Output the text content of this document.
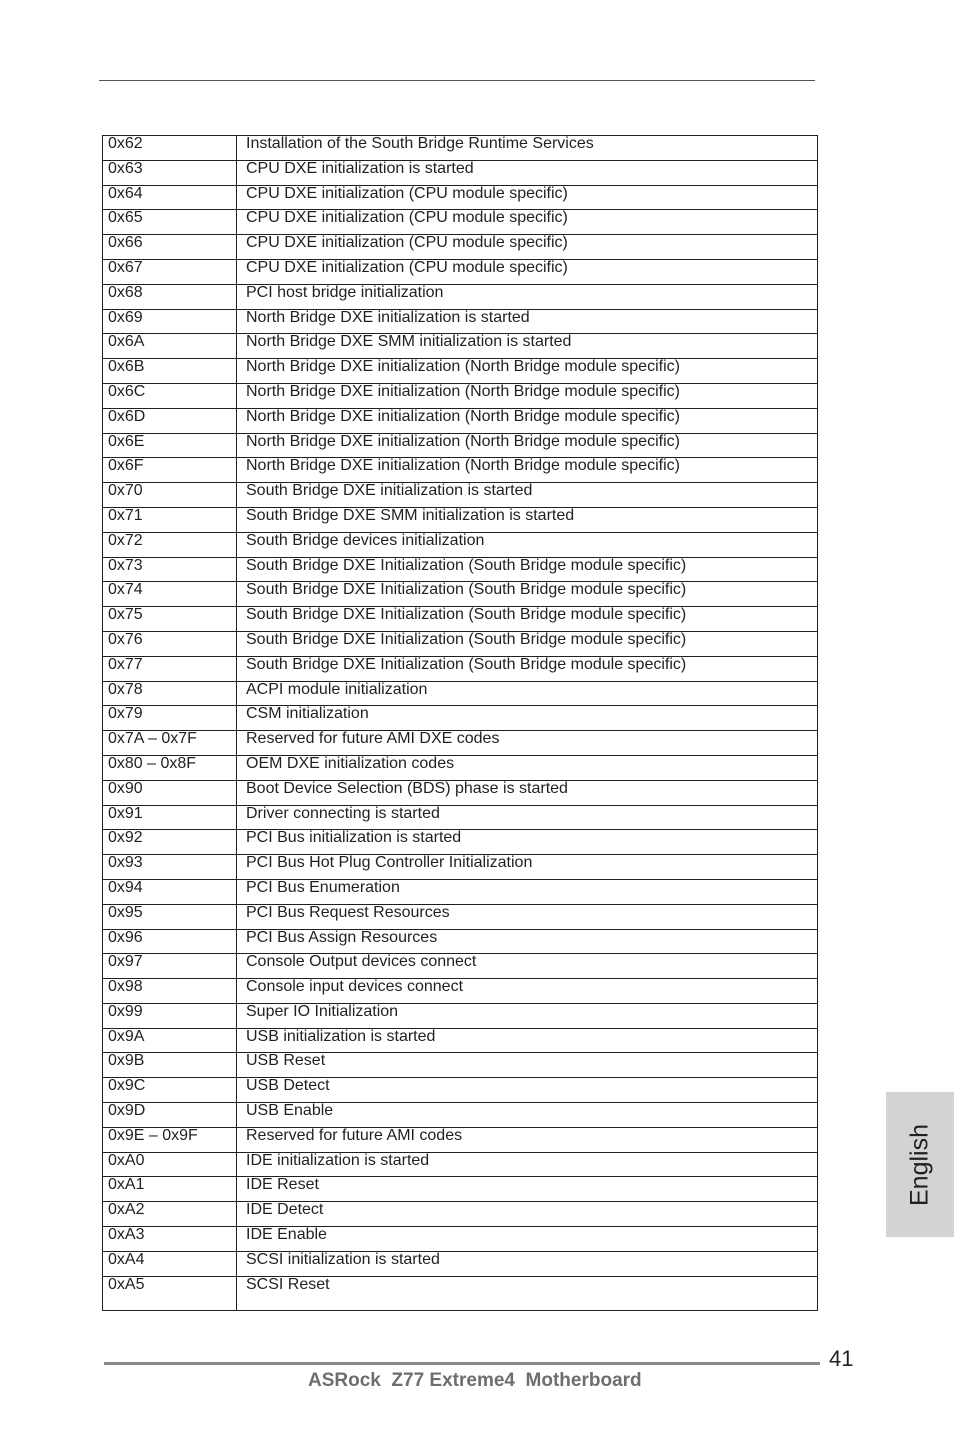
0x62	Installation of the South Bridge Runtime Services
0x63	CPU DXE initialization is started
0x64	CPU DXE initialization (CPU module specific)
0x65	CPU DXE initialization (CPU module specific)
0x66	CPU DXE initialization (CPU module specific)
0x67	CPU DXE initialization (CPU module specific)
0x68	PCI host bridge initialization
0x69	North Bridge DXE initialization is started
0x6A	North Bridge DXE SMM initialization is started
0x6B	North Bridge DXE initialization (North Bridge module specific)
0x6C	North Bridge DXE initialization (North Bridge module specific)
0x6D	North Bridge DXE initialization (North Bridge module specific)
0x6E	North Bridge DXE initialization (North Bridge module specific)
0x6F	North Bridge DXE initialization (North Bridge module specific)
0x70	South Bridge DXE initialization is started
0x71	South Bridge DXE SMM initialization is started
0x72	South Bridge devices initialization
0x73	South Bridge DXE Initialization (South Bridge module specific)
0x74	South Bridge DXE Initialization (South Bridge module specific)
0x75	South Bridge DXE Initialization (South Bridge module specific)
0x76	South Bridge DXE Initialization (South Bridge module specific)
0x77	South Bridge DXE Initialization (South Bridge module specific)
0x78	ACPI module initialization
0x79	CSM initialization
0x7A – 0x7F	Reserved for future AMI DXE codes
0x80 – 0x8F	OEM DXE initialization codes
0x90	Boot Device Selection (BDS) phase is started
0x91	Driver connecting is started
0x92	PCI Bus initialization is started
0x93	PCI Bus Hot Plug Controller Initialization
0x94	PCI Bus Enumeration
0x95	PCI Bus Request Resources
0x96	PCI Bus Assign Resources
0x97	Console Output devices connect
0x98	Console input devices connect
0x99	Super IO Initialization
0x9A	USB initialization is started
0x9B	USB Reset
0x9C	USB Detect
0x9D	USB Enable
0x9E – 0x9F	Reserved for future AMI codes
0xA0	IDE initialization is started
0xA1	IDE Reset
0xA2	IDE Detect
0xA3	IDE Enable
0xA4	SCSI initialization is started
0xA5	SCSI Reset
English
41
ASRock  Z77 Extreme4  Motherboard
